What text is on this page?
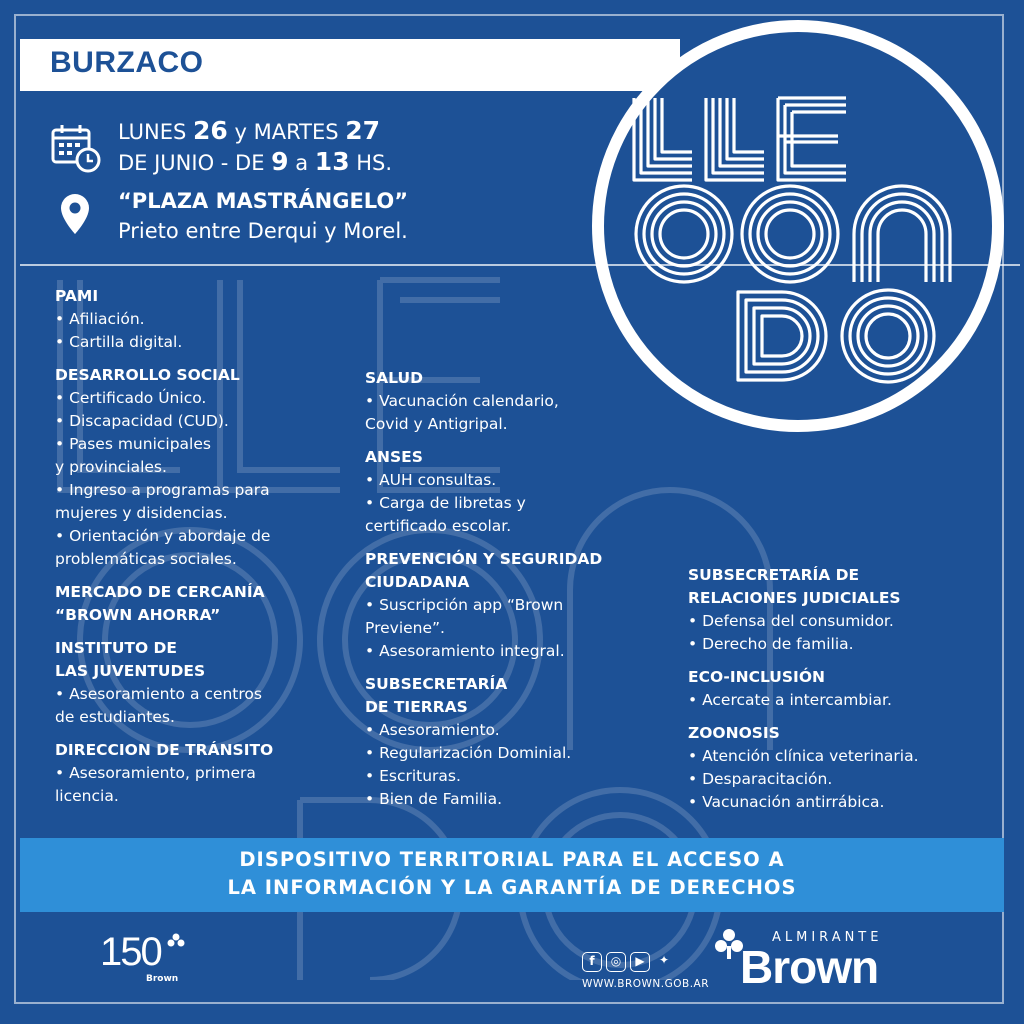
BURZACO
LUNES 26 y MARTES 27
DE JUNIO - DE 9 a 13 HS.
“PLAZA MASTRÁNGELO”
Prieto entre Derqui y Morel.
PAMI
• Afiliación.
• Cartilla digital.
DESARROLLO SOCIAL
• Certificado Único.
• Discapacidad (CUD).
• Pases municipales
y provinciales.
• Ingreso a programas para
mujeres y disidencias.
• Orientación y abordaje de
problemáticas sociales.
MERCADO DE CERCANÍA
“BROWN AHORRA”
INSTITUTO DE
LAS JUVENTUDES
• Asesoramiento a centros
de estudiantes.
DIRECCION DE TRÁNSITO
• Asesoramiento, primera
licencia.
SALUD
• Vacunación calendario,
Covid y Antigripal.
ANSES
• AUH consultas.
• Carga de libretas y
certificado escolar.
PREVENCIÓN Y SEGURIDAD
CIUDADANA
• Suscripción app “Brown
Previene”.
• Asesoramiento integral.
SUBSECRETARÍA
DE TIERRAS
• Asesoramiento.
• Regularización Dominial.
• Escrituras.
• Bien de Familia.
SUBSECRETARÍA DE
RELACIONES JUDICIALES
• Defensa del consumidor.
• Derecho de familia.
ECO-INCLUSIÓN
• Acercate a intercambiar.
ZOONOSIS
• Atención clínica veterinaria.
• Desparacitación.
• Vacunación antirrábica.
DISPOSITIVO TERRITORIAL PARA EL ACCESO A
LA INFORMACIÓN Y LA GARANTÍA DE DERECHOS
150
Brown
f	◎	▶	✦
WWW.BROWN.GOB.AR
ALMIRANTE
Brown
